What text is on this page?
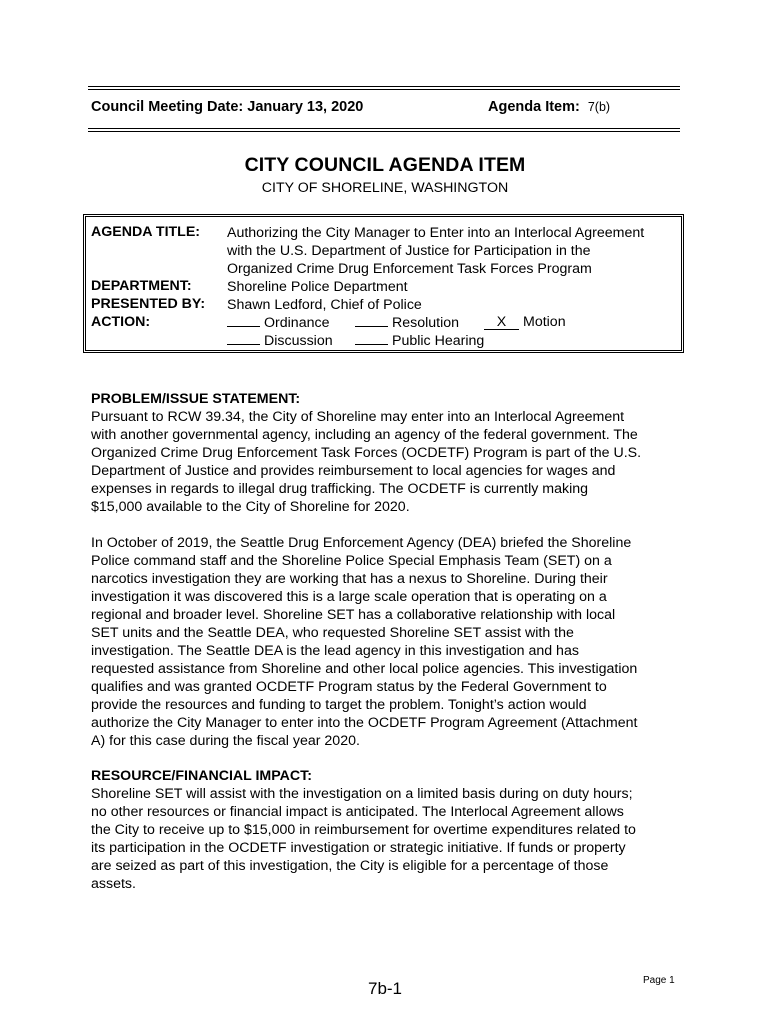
Council Meeting Date: January 13, 2020	Agenda Item: 7(b)
CITY COUNCIL AGENDA ITEM
CITY OF SHORELINE, WASHINGTON
AGENDA TITLE: Authorizing the City Manager to Enter into an Interlocal Agreement
with the U.S. Department of Justice for Participation in the
Organized Crime Drug Enforcement Task Forces Program
DEPARTMENT: Shoreline Police Department
PRESENTED BY: Shawn Ledford, Chief of Police
ACTION:	Ordinance	Resolution	X Motion
Discussion	Public Hearing
PROBLEM/ISSUE STATEMENT:

Pursuant to RCW 39.34, the City of Shoreline may enter into an Interlocal Agreement

with another governmental agency, including an agency of the federal government. The

Organized Crime Drug Enforcement Task Forces (OCDETF) Program is part of the U.S.

Department of Justice and provides reimbursement to local agencies for wages and

expenses in regards to illegal drug trafficking. The OCDETF is currently making

$15,000 available to the City of Shoreline for 2020.

In October of 2019, the Seattle Drug Enforcement Agency (DEA) briefed the Shoreline

Police command staff and the Shoreline Police Special Emphasis Team (SET) on a

narcotics investigation they are working that has a nexus to Shoreline. During their

investigation it was discovered this is a large scale operation that is operating on a

regional and broader level. Shoreline SET has a collaborative relationship with local

SET units and the Seattle DEA, who requested Shoreline SET assist with the

investigation. The Seattle DEA is the lead agency in this investigation and has

requested assistance from Shoreline and other local police agencies. This investigation

qualifies and was granted OCDETF Program status by the Federal Government to

provide the resources and funding to target the problem. Tonight’s action would

authorize the City Manager to enter into the OCDETF Program Agreement (Attachment

A) for this case during the fiscal year 2020.

RESOURCE/FINANCIAL IMPACT:

Shoreline SET will assist with the investigation on a limited basis during on duty hours;

no other resources or financial impact is anticipated. The Interlocal Agreement allows

the City to receive up to $15,000 in reimbursement for overtime expenditures related to

its participation in the OCDETF investigation or strategic initiative. If funds or property

are seized as part of this investigation, the City is eligible for a percentage of those

assets.

7b-1	Page 1
